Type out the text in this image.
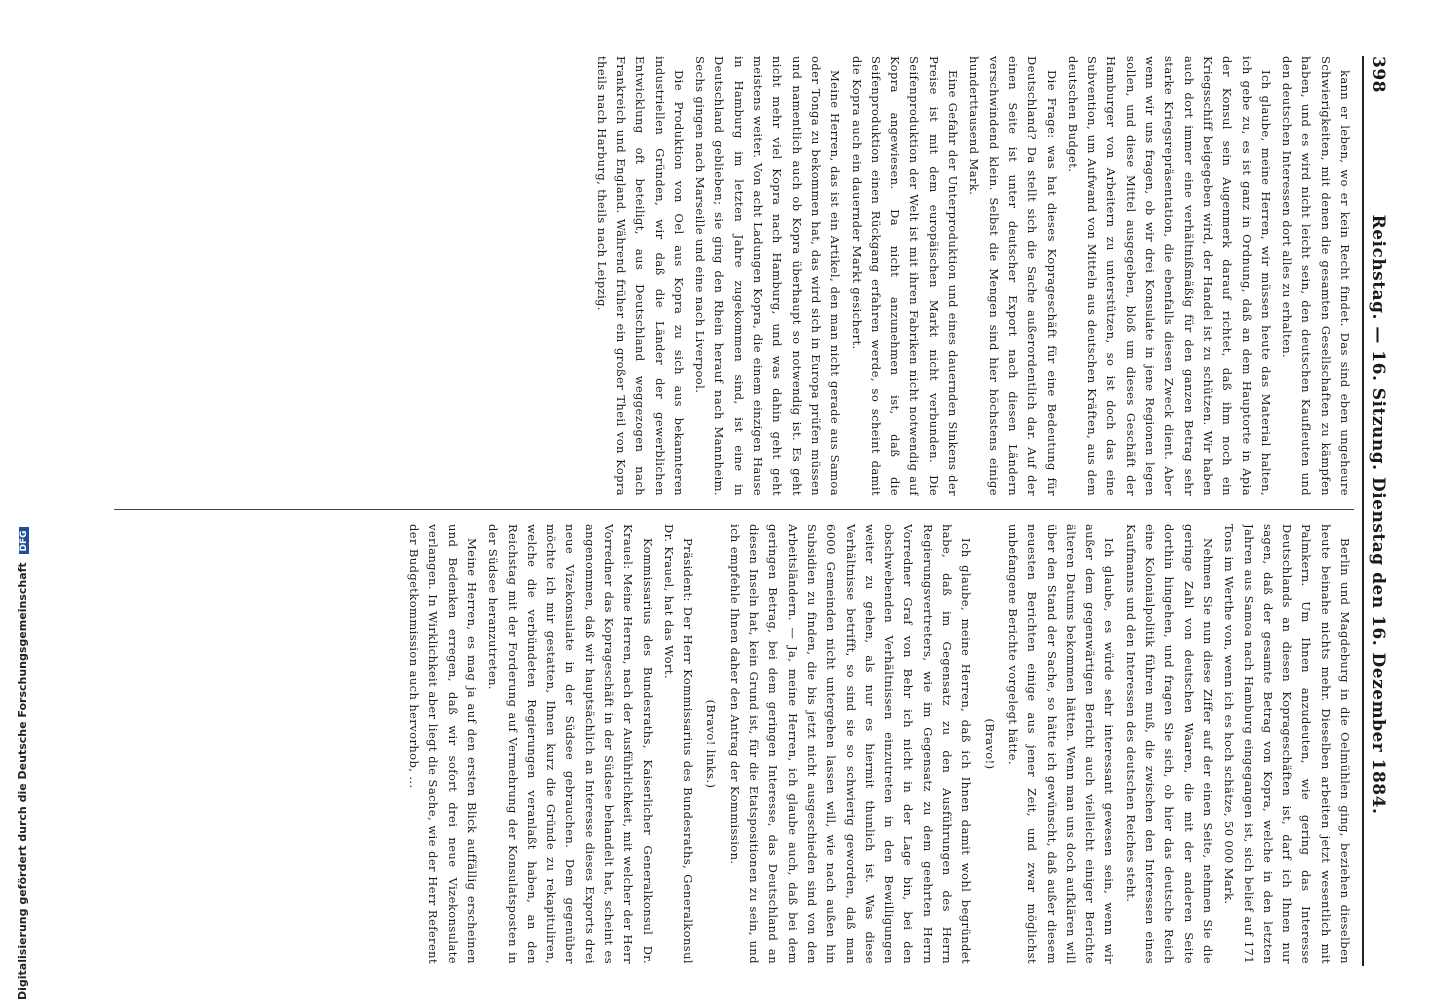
Digitalisierung gefördert durch die Deutsche Forschungsgemeinschaft DFG
398
Reichstag. — 16. Sitzung. Dienstag den 16. Dezember 1884.

kann er leben, wo er kein Recht findet. Das sind eben ungeheure Schwierigkeiten, mit denen die gesamten Gesellschaften zu kämpfen haben, und es wird nicht leicht sein, den deutschen Kaufleuten und den deutschen Interessen dort alles zu erhalten.

Ich glaube, meine Herren, wir müssen heute das Material halten, ich gebe zu, es ist ganz in Ordnung, daß an dem Hauptorte in Apia der Konsul sein Augenmerk darauf richtet, daß ihm noch ein Kriegsschiff beigegeben wird, der Handel ist zu schützen. Wir haben auch dort immer eine verhältnißmäßig für den ganzen Betrag sehr starke Kriegsrepräsentation, die ebenfalls diesen Zweck dient. Aber wenn wir uns fragen, ob wir drei Konsulate in jene Regionen legen sollen, und diese Mittel ausgegeben, bloß um dieses Geschäft der Hamburger von Arbeitern zu unterstützen, so ist doch das eine Subvention, um Aufwand von Mitteln aus deutschen Kräften, aus dem deutschen Budget.

Die Frage: was hat dieses Koprageschäft für eine Bedeutung für Deutschland? Da stellt sich die Sache außerordentlich dar. Auf der einen Seite ist unter deutscher Export nach diesen Ländern verschwindend klein. Selbst die Mengen sind hier höchstens einige hunderttausend Mark.

Eine Gefahr der Unterproduktion und eines dauernden Sinkens der Preise ist mit dem europäischen Markt nicht verbunden. Die Seifenproduktion der Welt ist mit ihren Fabriken nicht notwendig auf Kopra angewiesen. Da nicht anzunehmen ist, daß die Seifenproduktion einen Rückgang erfahren werde, so scheint damit die Kopra auch ein dauernder Markt gesichert.

Meine Herren, das ist ein Artikel, den man nicht gerade aus Samoa oder Tonga zu bekommen hat, das wird sich in Europa prüfen müssen und namentlich auch ob Kopra überhaupt so notwendig ist. Es geht nicht mehr viel Kopra nach Hamburg, und was dahin geht geht meistens weiter. Von acht Ladungen Kopra, die einem einzigen Hause in Hamburg im letzten Jahre zugekommen sind, ist eine in Deutschland geblieben; sie ging den Rhein herauf nach Mannheim. Sechs gingen nach Marseille und eine nach Liverpool.

Die Produktion von Oel aus Kopra zu sich aus bekannteren industriellen Gründen, wir daß die Länder der gewerblichen Entwicklung oft beteiligt, aus Deutschland weggezogen nach Frankreich und England. Während früher ein großer Theil von Kopra theils nach Harburg, theils nach Leipzig.

Berlin und Magdeburg in die Oelmühlen ging, beziehen dieselben heute beinahe nichts mehr. Dieselben arbeiten jetzt wesentlich mit Palmkern. Um Ihnen anzudeuten, wie gering das Interesse Deutschlands an diesen Koprageschäften ist, darf ich Ihnen nur sagen, daß der gesamte Betrag von Kopra, welche in den letzten Jahren aus Samoa nach Hamburg eingegangen ist, sich belief auf 171 Tons im Werthe von, wenn ich es hoch schätze, 50 000 Mark.

Nehmen Sie nun diese Ziffer auf der einen Seite, nehmen Sie die geringe Zahl von deutschen Waaren, die mit der anderen Seite dorthin hingehen, und fragen Sie sich, ob hier das deutsche Reich eine Kolonialpolitik führen muß, die zwischen den Interessen eines Kaufmanns und den Interessen des deutschen Reiches steht.

Ich glaube, es würde sehr interessant gewesen sein, wenn wir außer dem gegenwärtigen Bericht auch vielleicht einiger Berichte älteren Datums bekommen hätten. Wenn man uns doch aufklären will über den Stand der Sache, so hätte ich gewünscht, daß außer diesem neuesten Berichten einige aus jener Zeit, und zwar möglichst unbefangene Berichte vorgelegt hätte.

(Bravo!)

Ich glaube, meine Herren, daß ich Ihnen damit wohl begründet habe, daß im Gegensatz zu den Ausführungen des Herrn Regierungsvertreters, wie im Gegensatz zu dem geehrten Herrn Vorredner Graf von Behr ich nicht in der Lage bin, bei den obschwebenden Verhältnissen einzutreten in den Bewilligungen weiter zu gehen, als nur es hiermit thunlich ist. Was diese Verhältnisse betrifft, so sind sie so schwierig geworden, daß man 6000 Gemeinden nicht untergehen lassen will, wie nach außen hin Subsidien zu finden, die bis jetzt nicht ausgeschieden sind von den Arbeitsländern. — Ja, meine Herren, ich glaube auch, daß bei dem geringen Betrag, bei dem geringen Interesse, das Deutschland an diesen Inseln hat, kein Grund ist, für die Etatspositionen zu sein, und ich empfehle Ihnen daher den Antrag der Kommission.

(Bravo! links.)

Präsident: Der Herr Kommissarius des Bundesraths, Generalkonsul Dr. Krauel, hat das Wort.

Kommissarius des Bundesraths, Kaiserlicher Generalkonsul Dr. Krauel: Meine Herren, nach der Ausführlichkeit, mit welcher der Herr Vorredner das Koprageschäft in der Südsee behandelt hat, scheint es angenommen, daß wir hauptsächlich an Interesse dieses Exports drei neue Vizekonsulate in der Südsee gebrauchen. Dem gegenüber möchte ich mir gestatten, Ihnen kurz die Gründe zu rekapituliren, welche die verbündeten Regierungen veranlaßt haben, an den Reichstag mit der Forderung auf Vermehrung der Konsulatsposten in der Südsee heranzutreten.

Meine Herren, es mag ja auf den ersten Blick auffällig erscheinen und Bedenken erregen, daß wir sofort drei neue Vizekonsulate verlangen. In Wirklichkeit aber liegt die Sache, wie der Herr Referent der Budgetkommission auch hervorhob, ...
